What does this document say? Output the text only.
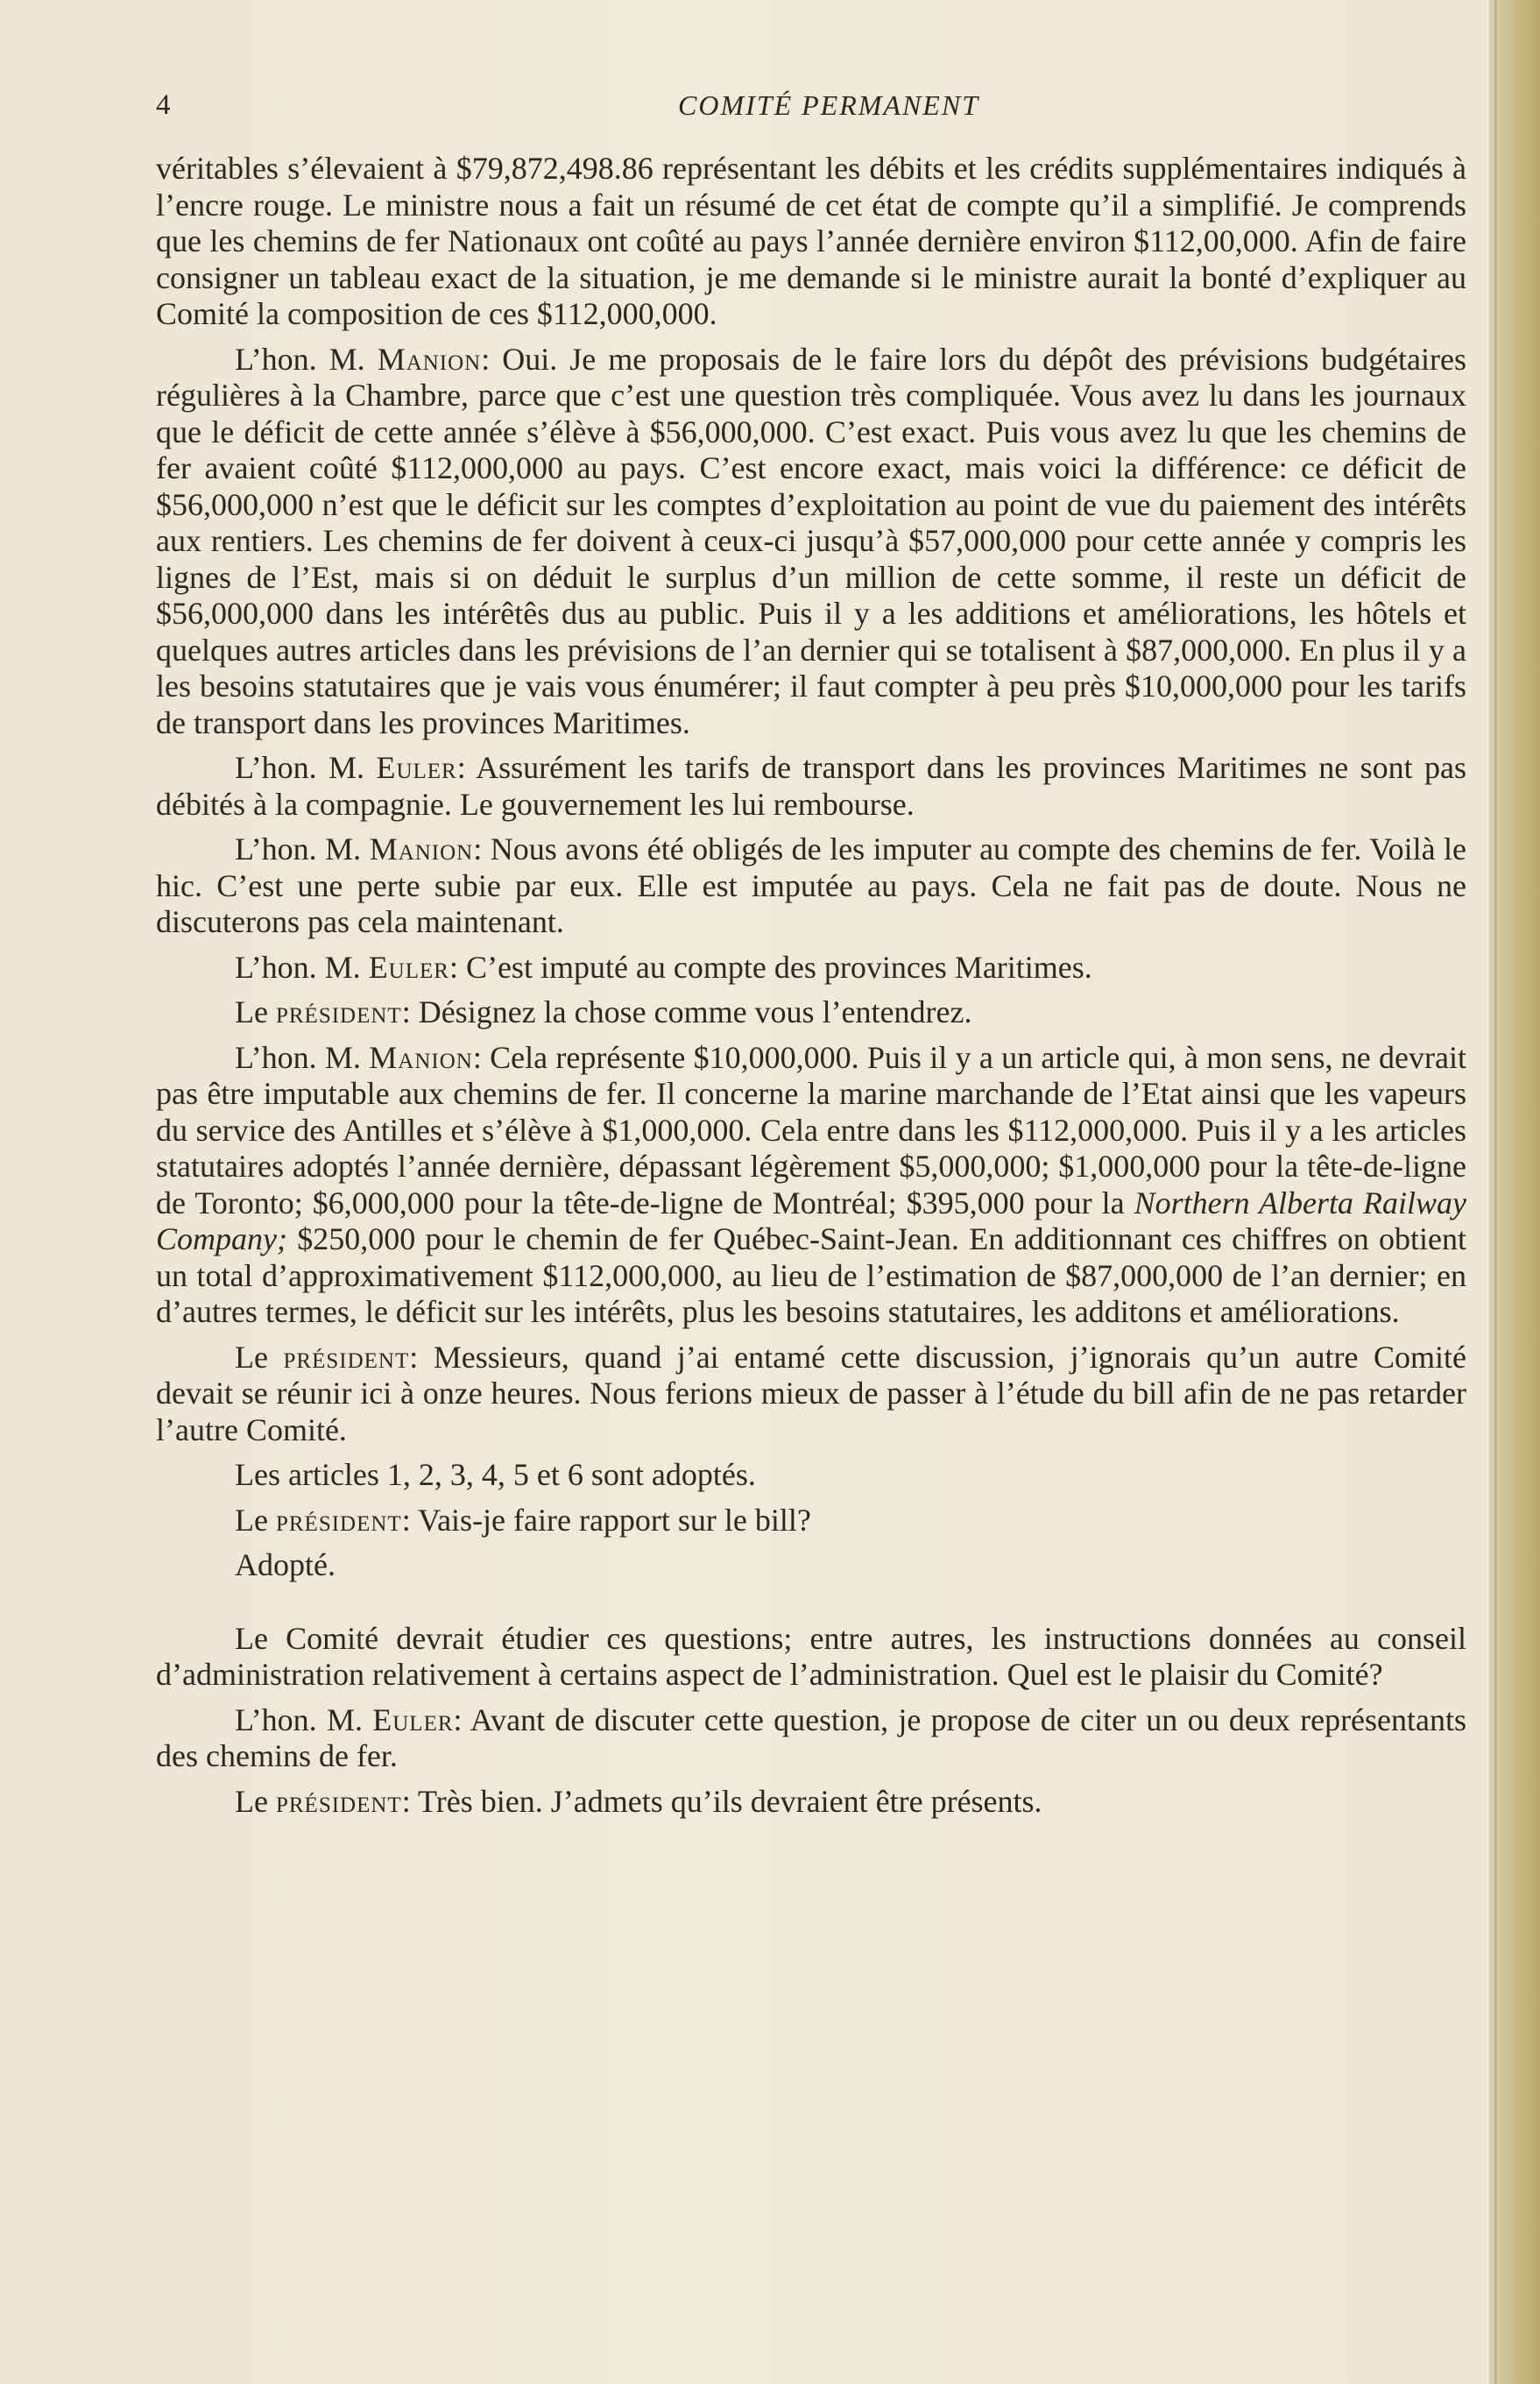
4	COMITÉ PERMANENT

véritables s’élevaient à $79,872,498.86 représentant les débits et les crédits supplémentaires indiqués à l’encre rouge. Le ministre nous a fait un résumé de cet état de compte qu’il a simplifié. Je comprends que les chemins de fer Nationaux ont coûté au pays l’année dernière environ $112,00,000. Afin de faire consigner un tableau exact de la situation, je me demande si le ministre aurait la bonté d’expliquer au Comité la composition de ces $112,000,000.

L’hon. M. Manion: Oui. Je me proposais de le faire lors du dépôt des prévisions budgétaires régulières à la Chambre, parce que c’est une question très compliquée. Vous avez lu dans les journaux que le déficit de cette année s’élève à $56,000,000. C’est exact. Puis vous avez lu que les chemins de fer avaient coûté $112,000,000 au pays. C’est encore exact, mais voici la différence: ce déficit de $56,000,000 n’est que le déficit sur les comptes d’exploitation au point de vue du paiement des intérêts aux rentiers. Les chemins de fer doivent à ceux-ci jusqu’à $57,000,000 pour cette année y compris les lignes de l’Est, mais si on déduit le surplus d’un million de cette somme, il reste un déficit de $56,000,000 dans les intérêtês dus au public. Puis il y a les additions et améliorations, les hôtels et quelques autres articles dans les prévisions de l’an dernier qui se totalisent à $87,000,000. En plus il y a les besoins statutaires que je vais vous énumérer; il faut compter à peu près $10,000,000 pour les tarifs de transport dans les provinces Maritimes.

L’hon. M. Euler: Assurément les tarifs de transport dans les provinces Maritimes ne sont pas débités à la compagnie. Le gouvernement les lui rembourse.

L’hon. M. Manion: Nous avons été obligés de les imputer au compte des chemins de fer. Voilà le hic. C’est une perte subie par eux. Elle est imputée au pays. Cela ne fait pas de doute. Nous ne discuterons pas cela maintenant.

L’hon. M. Euler: C’est imputé au compte des provinces Maritimes.

Le président: Désignez la chose comme vous l’entendrez.

L’hon. M. Manion: Cela représente $10,000,000. Puis il y a un article qui, à mon sens, ne devrait pas être imputable aux chemins de fer. Il concerne la marine marchande de l’Etat ainsi que les vapeurs du service des Antilles et s’élève à $1,000,000. Cela entre dans les $112,000,000. Puis il y a les articles statutaires adoptés l’année dernière, dépassant légèrement $5,000,000; $1,000,000 pour la tête-de-ligne de Toronto; $6,000,000 pour la tête-de-ligne de Montréal; $395,000 pour la Northern Alberta Railway Company; $250,000 pour le chemin de fer Québec-Saint-Jean. En additionnant ces chiffres on obtient un total d’approximativement $112,000,000, au lieu de l’estimation de $87,000,000 de l’an dernier; en d’autres termes, le déficit sur les intérêts, plus les besoins statutaires, les additons et améliorations.

Le président: Messieurs, quand j’ai entamé cette discussion, j’ignorais qu’un autre Comité devait se réunir ici à onze heures. Nous ferions mieux de passer à l’étude du bill afin de ne pas retarder l’autre Comité.

Les articles 1, 2, 3, 4, 5 et 6 sont adoptés.

Le président: Vais-je faire rapport sur le bill?

Adopté.

Le Comité devrait étudier ces questions; entre autres, les instructions données au conseil d’administration relativement à certains aspect de l’administration. Quel est le plaisir du Comité?

L’hon. M. Euler: Avant de discuter cette question, je propose de citer un ou deux représentants des chemins de fer.

Le président: Très bien. J’admets qu’ils devraient être présents.
